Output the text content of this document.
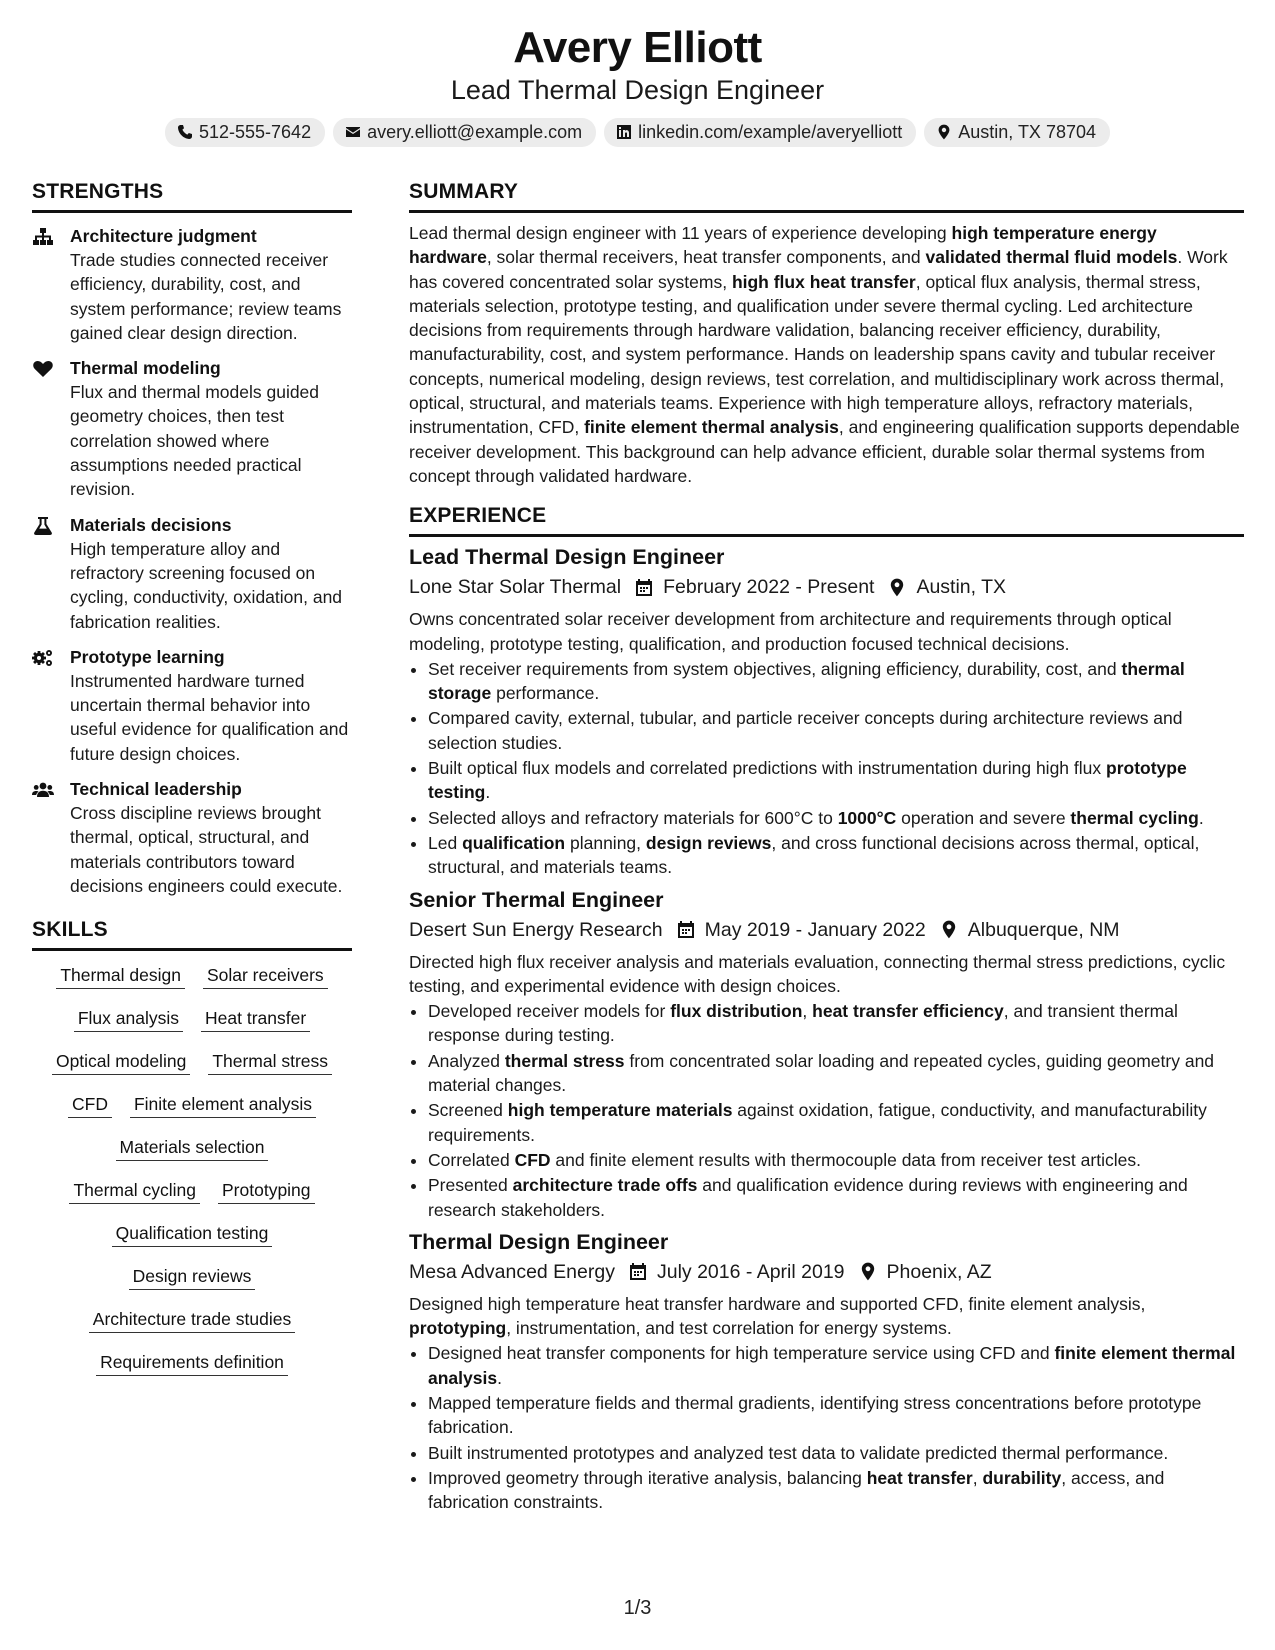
Avery Elliott
Lead Thermal Design Engineer
512-555-7642	avery.elliott@example.com	linkedin.com/example/averyelliott	Austin, TX 78704
STRENGTHS
Architecture judgment
Trade studies connected receiver efficiency, durability, cost, and system performance; review teams gained clear design direction.
Thermal modeling
Flux and thermal models guided geometry choices, then test correlation showed where assumptions needed practical revision.
Materials decisions
High temperature alloy and refractory screening focused on cycling, conductivity, oxidation, and fabrication realities.
Prototype learning
Instrumented hardware turned uncertain thermal behavior into useful evidence for qualification and future design choices.
Technical leadership
Cross discipline reviews brought thermal, optical, structural, and materials contributors toward decisions engineers could execute.
SKILLS
Thermal design Solar receivers
Flux analysis Heat transfer
Optical modeling Thermal stress
CFD Finite element analysis
Materials selection
Thermal cycling Prototyping
Qualification testing
Design reviews
Architecture trade studies
Requirements definition
SUMMARY
Lead thermal design engineer with 11 years of experience developing high temperature energy hardware, solar thermal receivers, heat transfer components, and validated thermal fluid models. Work has covered concentrated solar systems, high flux heat transfer, optical flux analysis, thermal stress, materials selection, prototype testing, and qualification under severe thermal cycling. Led architecture decisions from requirements through hardware validation, balancing receiver efficiency, durability, manufacturability, cost, and system performance. Hands on leadership spans cavity and tubular receiver concepts, numerical modeling, design reviews, test correlation, and multidisciplinary work across thermal, optical, structural, and materials teams. Experience with high temperature alloys, refractory materials, instrumentation, CFD, finite element thermal analysis, and engineering qualification supports dependable receiver development. This background can help advance efficient, durable solar thermal systems from concept through validated hardware.
EXPERIENCE
Lead Thermal Design Engineer
Lone Star Solar Thermal February 2022 - Present Austin, TX
Owns concentrated solar receiver development from architecture and requirements through optical modeling, prototype testing, qualification, and production focused technical decisions.
• Set receiver requirements from system objectives, aligning efficiency, durability, cost, and thermal storage performance.
• Compared cavity, external, tubular, and particle receiver concepts during architecture reviews and selection studies.
• Built optical flux models and correlated predictions with instrumentation during high flux prototype testing.
• Selected alloys and refractory materials for 600°C to 1000°C operation and severe thermal cycling.
• Led qualification planning, design reviews, and cross functional decisions across thermal, optical, structural, and materials teams.
Senior Thermal Engineer
Desert Sun Energy Research May 2019 - January 2022 Albuquerque, NM
Directed high flux receiver analysis and materials evaluation, connecting thermal stress predictions, cyclic testing, and experimental evidence with design choices.
• Developed receiver models for flux distribution, heat transfer efficiency, and transient thermal response during testing.
• Analyzed thermal stress from concentrated solar loading and repeated cycles, guiding geometry and material changes.
• Screened high temperature materials against oxidation, fatigue, conductivity, and manufacturability requirements.
• Correlated CFD and finite element results with thermocouple data from receiver test articles.
• Presented architecture trade offs and qualification evidence during reviews with engineering and research stakeholders.
Thermal Design Engineer
Mesa Advanced Energy July 2016 - April 2019 Phoenix, AZ
Designed high temperature heat transfer hardware and supported CFD, finite element analysis, prototyping, instrumentation, and test correlation for energy systems.
• Designed heat transfer components for high temperature service using CFD and finite element thermal analysis.
• Mapped temperature fields and thermal gradients, identifying stress concentrations before prototype fabrication.
• Built instrumented prototypes and analyzed test data to validate predicted thermal performance.
• Improved geometry through iterative analysis, balancing heat transfer, durability, access, and fabrication constraints.
1/3
